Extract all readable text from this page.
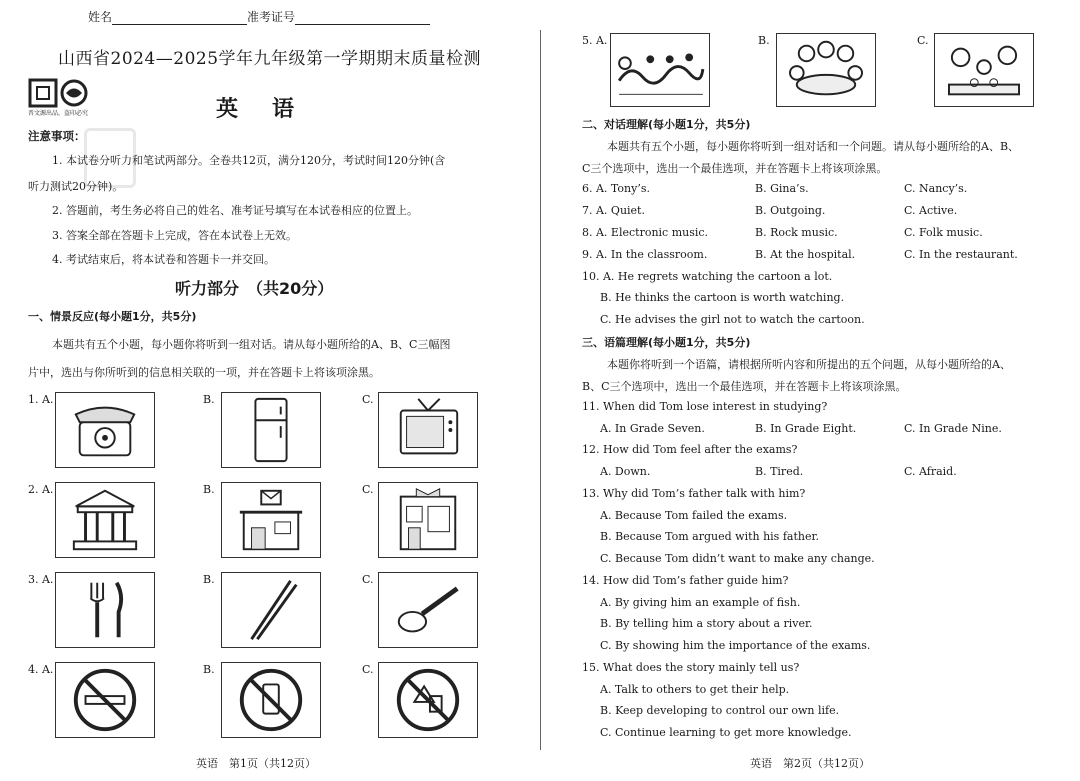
姓名	准考证号
山西省2024—2025学年九年级第一学期期末质量检测
晋文源出品，盗印必究	英语
注意事项：
1. 本试卷分听力和笔试两部分。全卷共12页，满分120分，考试时间120分钟(含
听力测试20分钟)。
2. 答题前，考生务必将自己的姓名、准考证号填写在本试卷相应的位置上。
3. 答案全部在答题卡上完成，答在本试卷上无效。
4. 考试结束后，将本试卷和答题卡一并交回。
听力部分　（共20分）
一、情景反应(每小题1分，共5分)
本题共有五个小题，每小题你将听到一组对话。请从每小题所给的A、B、C三幅图
片中，选出与你所听到的信息相关联的一项，并在答题卡上将该项涂黑。
1. A.	B.	C.
2. A.	B.	C.
3. A.	B.	C.
4. A.	B.	C.
英语　第1页（共12页）
5. A.	B.	C.
二、对话理解(每小题1分，共5分)
本题共有五个小题，每小题你将听到一组对话和一个问题。请从每小题所给的A、B、
C三个选项中，选出一个最佳选项，并在答题卡上将该项涂黑。
6. A. Tony’s.	B. Gina’s.	C. Nancy’s.
7. A. Quiet.	B. Outgoing.	C. Active.
8. A. Electronic music.	B. Rock music.	C. Folk music.
9. A. In the classroom.	B. At the hospital.	C. In the restaurant.
10. A. He regrets watching the cartoon a lot.
B. He thinks the cartoon is worth watching.
C. He advises the girl not to watch the cartoon.
三、语篇理解(每小题1分，共5分)
本题你将听到一个语篇，请根据所听内容和所提出的五个问题，从每小题所给的A、
B、C三个选项中，选出一个最佳选项，并在答题卡上将该项涂黑。
11. When did Tom lose interest in studying?
A. In Grade Seven.	B. In Grade Eight.	C. In Grade Nine.
12. How did Tom feel after the exams?
A. Down.	B. Tired.	C. Afraid.
13. Why did Tom’s father talk with him?
A. Because Tom failed the exams.
B. Because Tom argued with his father.
C. Because Tom didn’t want to make any change.
14. How did Tom’s father guide him?
A. By giving him an example of fish.
B. By telling him a story about a river.
C. By showing him the importance of the exams.
15. What does the story mainly tell us?
A. Talk to others to get their help.
B. Keep developing to control our own life.
C. Continue learning to get more knowledge.
英语　第2页（共12页）
